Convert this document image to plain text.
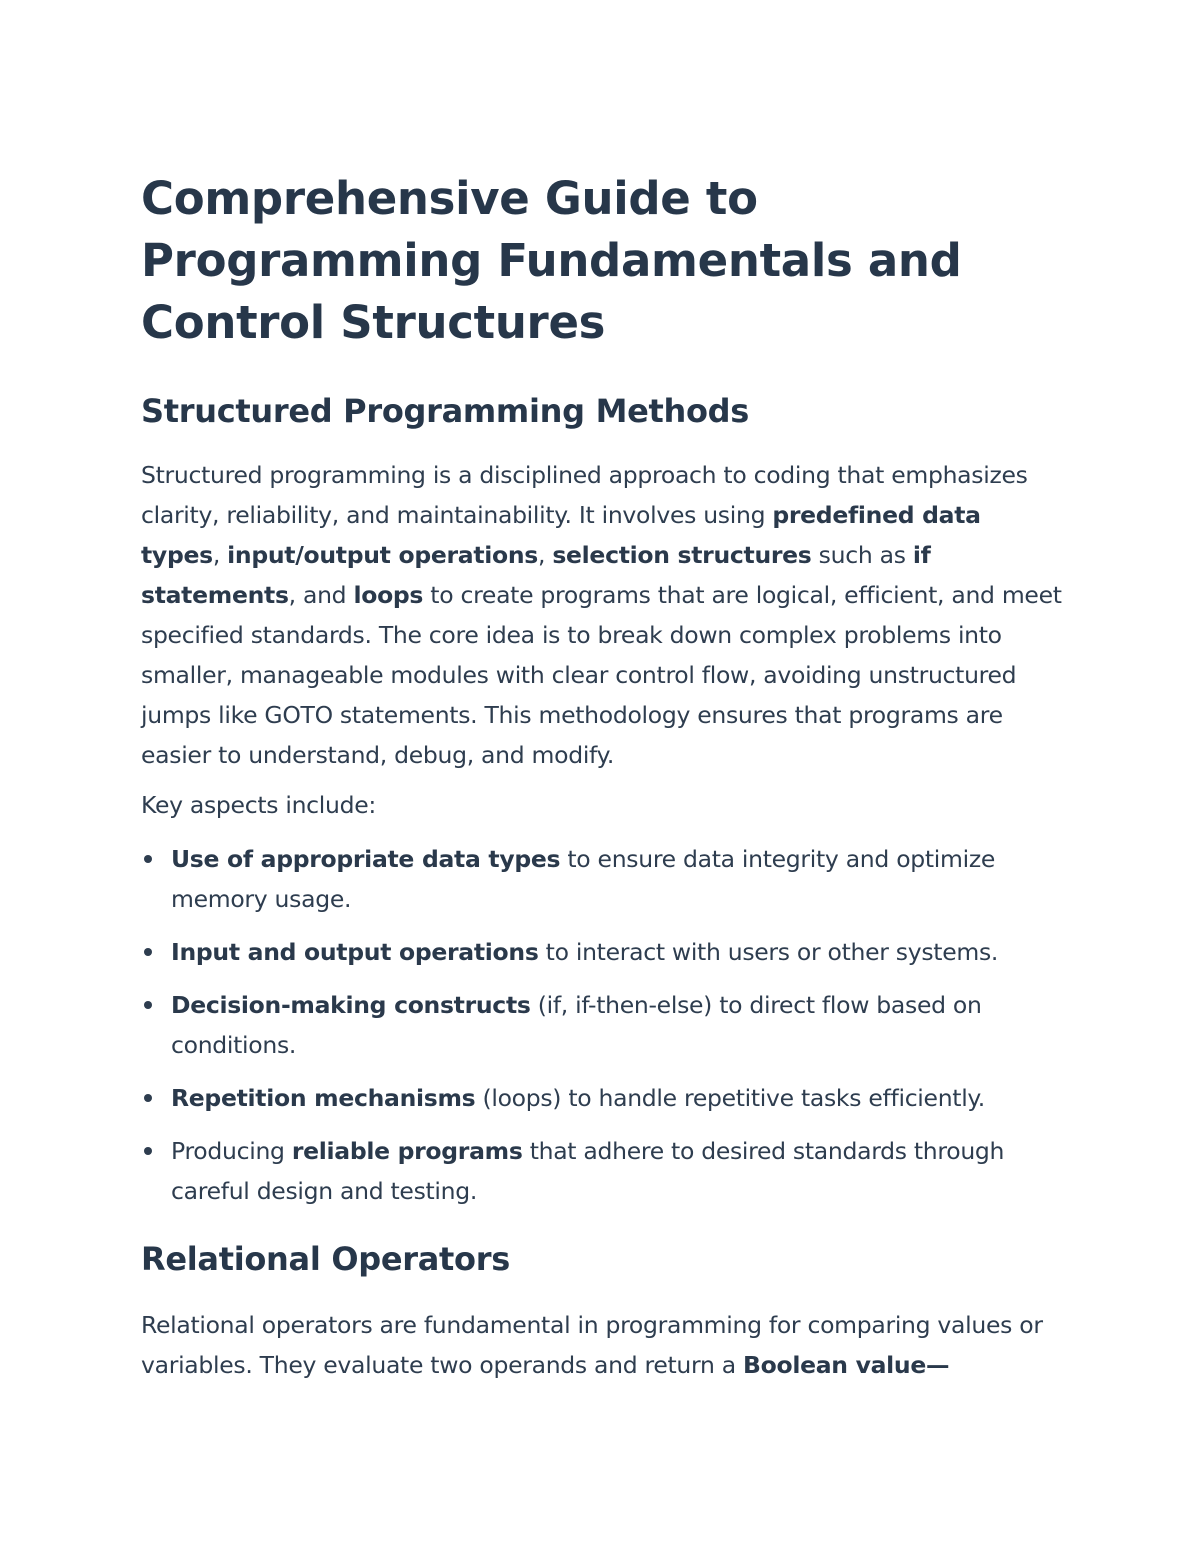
Comprehensive Guide to Programming Fundamentals and Control Structures
Structured Programming Methods

Structured programming is a disciplined approach to coding that emphasizes clarity, reliability, and maintainability. It involves using predefined data types, input/output operations, selection structures such as if statements, and loops to create programs that are logical, efficient, and meet specified standards. The core idea is to break down complex problems into smaller, manageable modules with clear control flow, avoiding unstructured jumps like GOTO statements. This methodology ensures that programs are easier to understand, debug, and modify.

Key aspects include:

Use of appropriate data types to ensure data integrity and optimize memory usage.
Input and output operations to interact with users or other systems.
Decision-making constructs (if, if-then-else) to direct flow based on conditions.
Repetition mechanisms (loops) to handle repetitive tasks efficiently.
Producing reliable programs that adhere to desired standards through careful design and testing.
Relational Operators

Relational operators are fundamental in programming for comparing values or variables. They evaluate two operands and return a Boolean value—
